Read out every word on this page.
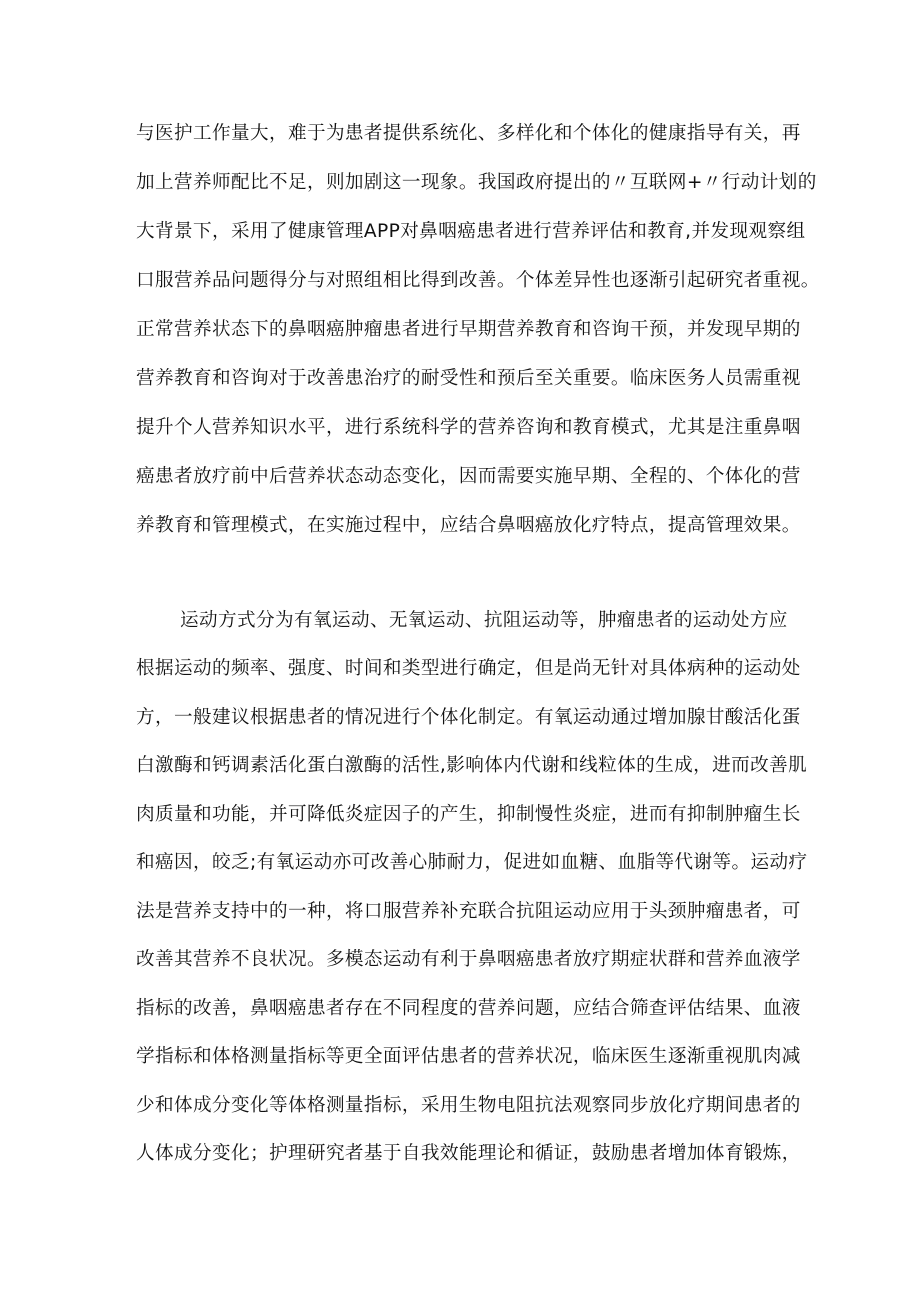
与医护工作量大，难于为患者提供系统化、多样化和个体化的健康指导有关，再
加上营养师配比不足，则加剧这一现象。我国政府提出的〃互联网+〃行动计划的
大背景下，采用了健康管理APP对鼻咽癌患者进行营养评估和教育,并发现观察组
口服营养品问题得分与对照组相比得到改善。个体差异性也逐渐引起研究者重视。
正常营养状态下的鼻咽癌肿瘤患者进行早期营养教育和咨询干预，并发现早期的
营养教育和咨询对于改善患治疗的耐受性和预后至关重要。临床医务人员需重视
提升个人营养知识水平，进行系统科学的营养咨询和教育模式，尤其是注重鼻咽
癌患者放疗前中后营养状态动态变化，因而需要实施早期、全程的、个体化的营
养教育和管理模式，在实施过程中，应结合鼻咽癌放化疗特点，提高管理效果。
运动方式分为有氧运动、无氧运动、抗阻运动等，肿瘤患者的运动处方应
根据运动的频率、强度、时间和类型进行确定，但是尚无针对具体病种的运动处
方，一般建议根据患者的情况进行个体化制定。有氧运动通过增加腺甘酸活化蛋
白激酶和钙调素活化蛋白激酶的活性,影响体内代谢和线粒体的生成，进而改善肌
肉质量和功能，并可降低炎症因子的产生，抑制慢性炎症，进而有抑制肿瘤生长
和癌因，皎乏;有氧运动亦可改善心肺耐力，促进如血糖、血脂等代谢等。运动疗
法是营养支持中的一种，将口服营养补充联合抗阻运动应用于头颈肿瘤患者，可
改善其营养不良状况。多模态运动有利于鼻咽癌患者放疗期症状群和营养血液学
指标的改善，鼻咽癌患者存在不同程度的营养问题，应结合筛查评估结果、血液
学指标和体格测量指标等更全面评估患者的营养状况，临床医生逐渐重视肌肉减
少和体成分变化等体格测量指标，采用生物电阻抗法观察同步放化疗期间患者的
人体成分变化；护理研究者基于自我效能理论和循证，鼓励患者增加体育锻炼，
